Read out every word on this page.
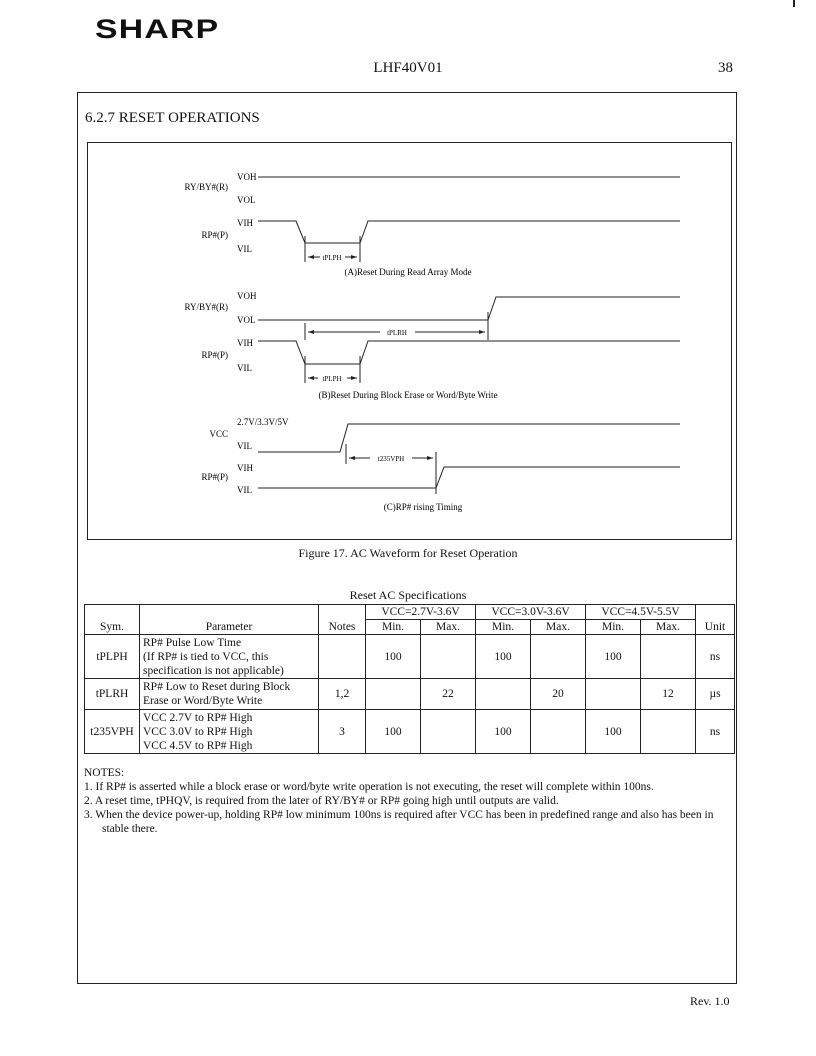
SHARP
LHF40V01	38
6.2.7 RESET OPERATIONS
RY/BY#(R)
VOH
VOL
RP#(P)
VIH
VIL
tPLPH
(A)Reset During Read Array Mode
RY/BY#(R)
VOH
VOL
tPLRH
RP#(P)
VIH
VIL
tPLPH
(B)Reset During Block Erase or Word/Byte Write
VCC
2.7V/3.3V/5V
VIL
t235VPH
RP#(P)
VIH
VIL
(C)RP# rising Timing
Figure 17. AC Waveform for Reset Operation
Reset AC Specifications
Sym.	Parameter	Notes	VCC=2.7V-3.6V		VCC=3.0V-3.6V		VCC=4.5V-5.5V		Unit
			Min.	Max.	Min.	Max.	Min.	Max.	
tPLPH	RP# Pulse Low Time
(If RP# is tied to VCC, this
specification is not applicable)		100		100		100		ns
tPLRH	RP# Low to Reset during Block
Erase or Word/Byte Write	1,2		22		20		12	µs
t235VPH	VCC 2.7V to RP# High
VCC 3.0V to RP# High
VCC 4.5V to RP# High	3	100		100		100		ns

NOTES:

1. If RP# is asserted while a block erase or word/byte write operation is not executing, the reset will complete within 100ns.

2. A reset time, tPHQV, is required from the later of RY/BY# or RP# going high until outputs are valid.

3. When the device power-up, holding RP# low minimum 100ns is required after VCC has been in predefined range and also has been in stable there.

Rev. 1.0
